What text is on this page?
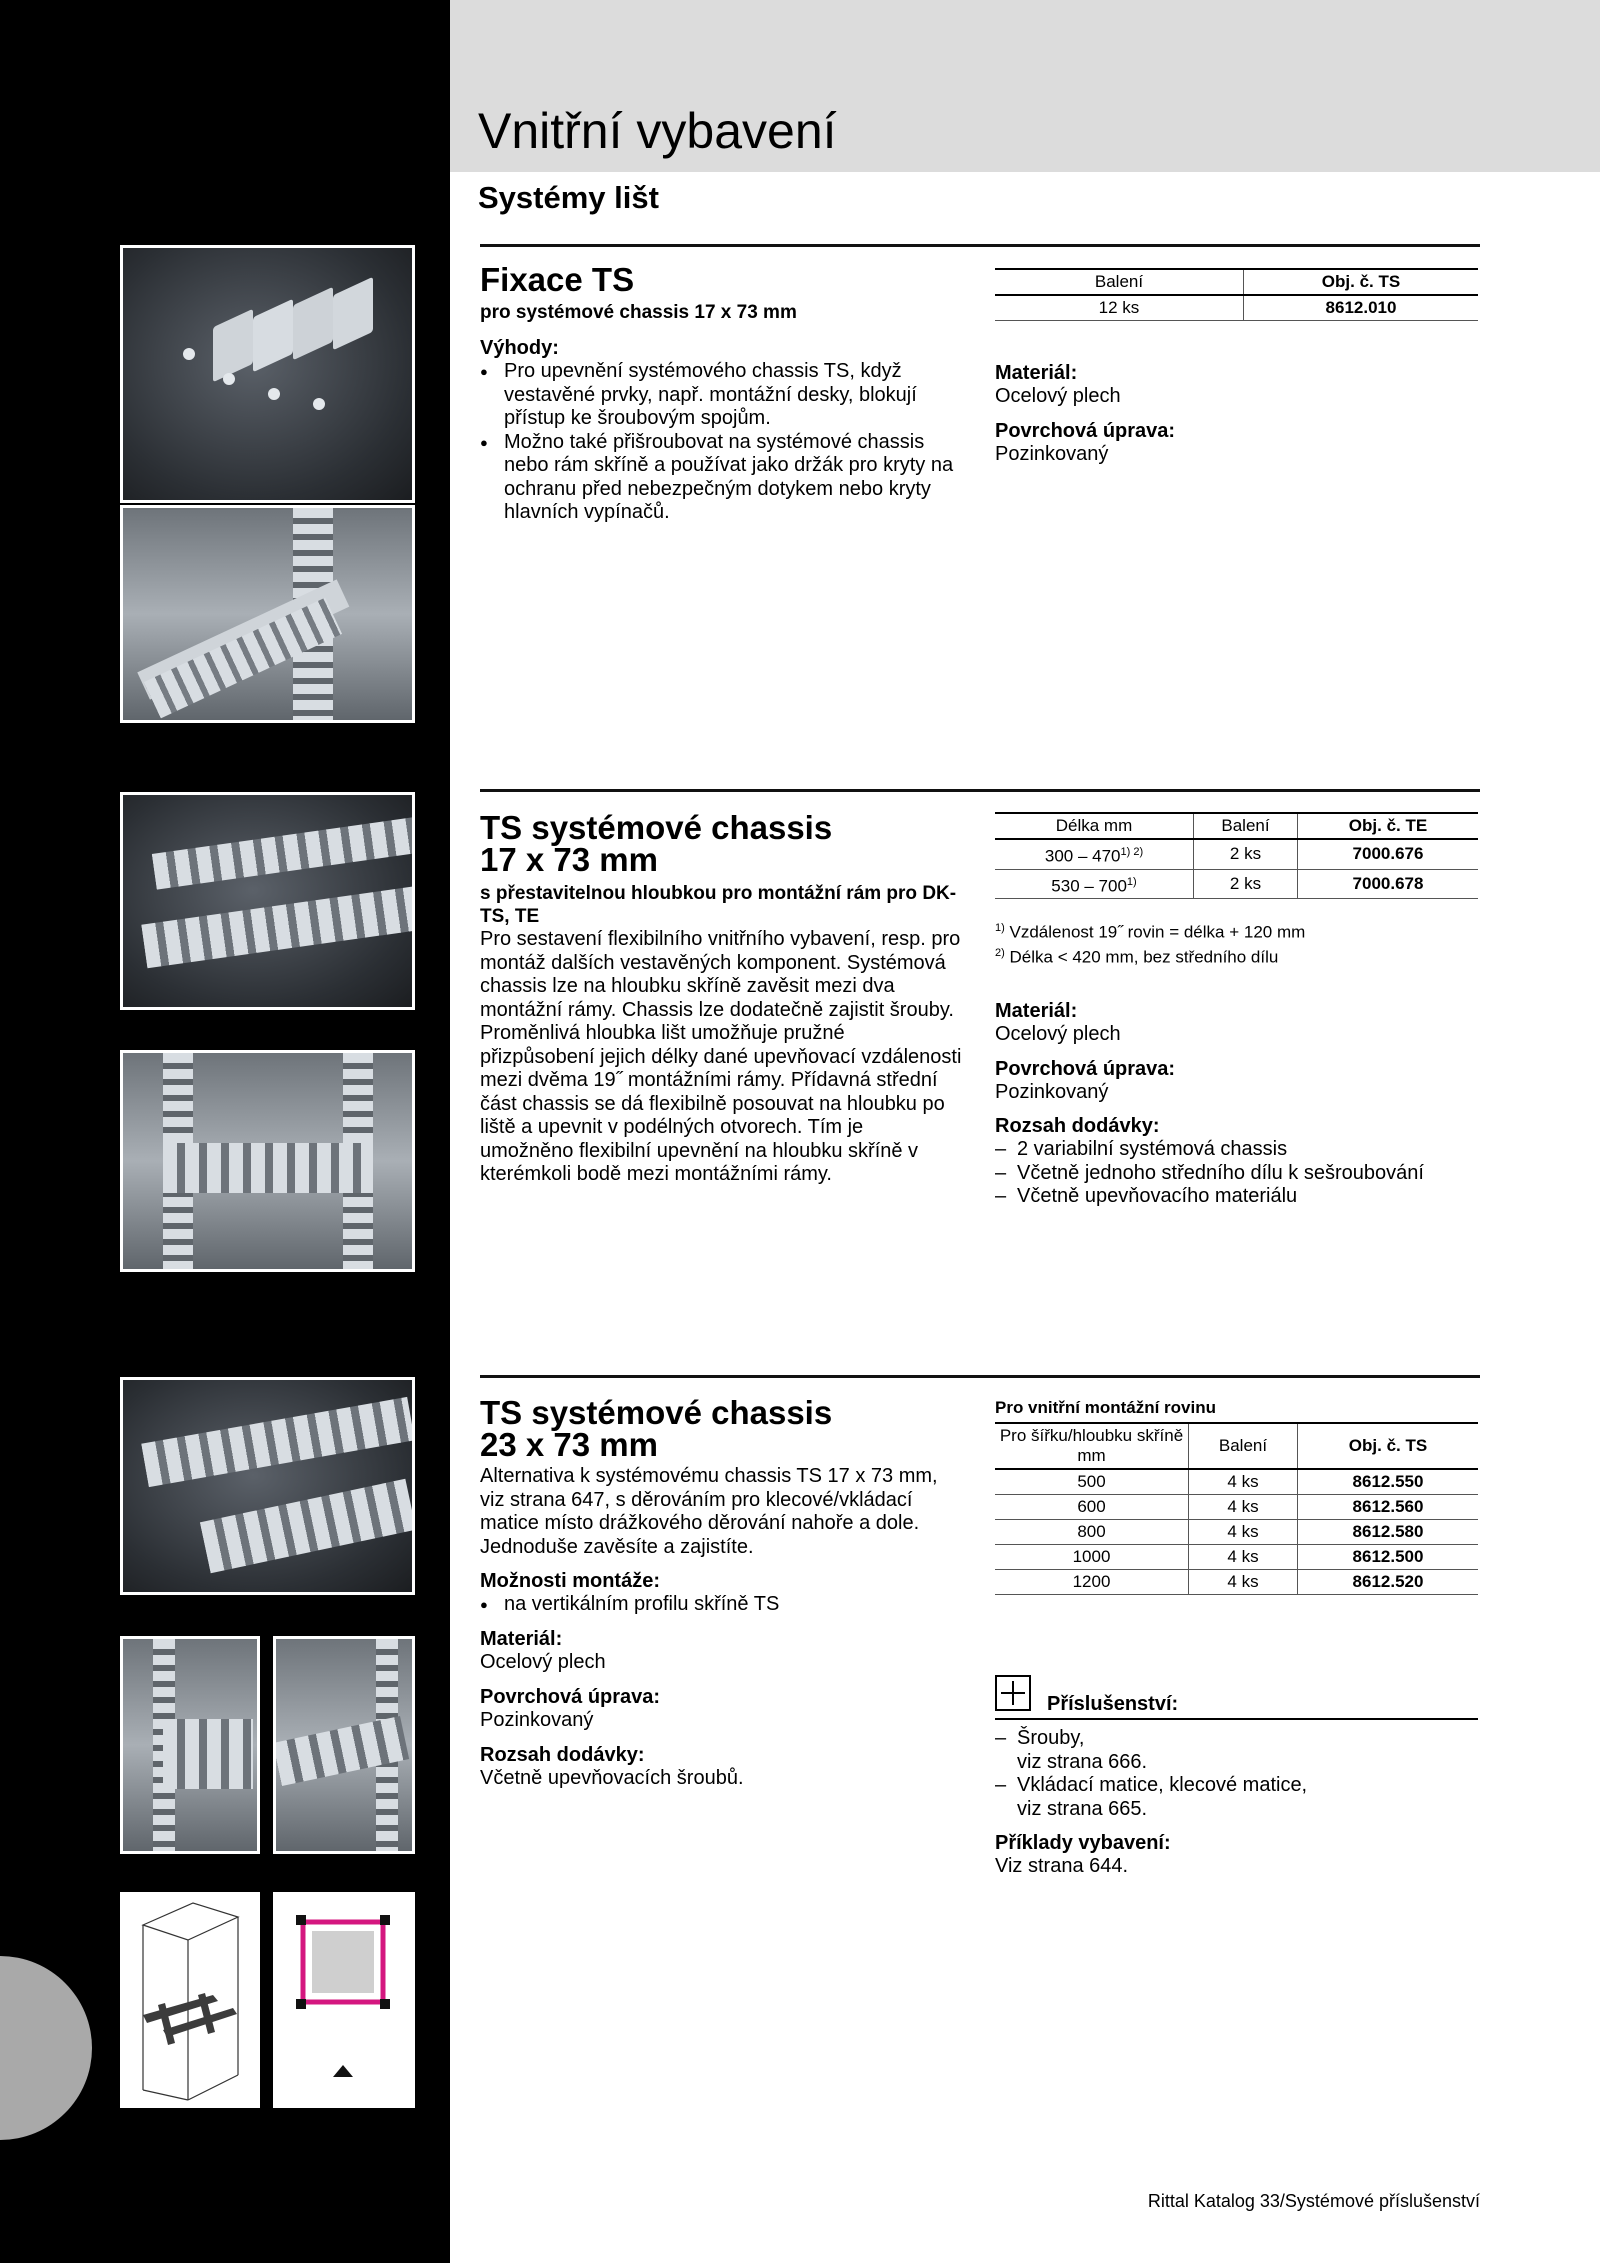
Vnitřní vybavení
Systémy lišt
Fixace TS
pro systémové chassis 17 x 73 mm
Výhody:
● Pro upevnění systémového chassis TS, když vestavěné prvky, např. montážní desky, blokují přístup ke šroubovým spojům.
● Možno také přišroubovat na systémové chassis nebo rám skříně a používat jako držák pro kryty na ochranu před nebezpečným dotykem nebo kryty hlavních vypínačů.
Balení	Obj. č. TS
12 ks	8612.010
Materiál:
Ocelový plech
Povrchová úprava:
Pozinkovaný
TS systémové chassis
17 x 73 mm
s přestavitelnou hloubkou pro montážní rám pro DK-TS, TE
Pro sestavení flexibilního vnitřního vybavení, resp. pro montáž dalších vestavěných komponent. Systémová chassis lze na hloubku skříně zavěsit mezi dva montážní rámy. Chassis lze dodatečně zajistit šrouby. Proměnlivá hloubka lišt umožňuje pružné přizpůsobení jejich délky dané upevňovací vzdálenosti mezi dvěma 19˝ montážními rámy. Přídavná střední část chassis se dá flexibilně posouvat na hloubku po liště a upevnit v podélných otvorech. Tím je umožněno flexibilní upevnění na hloubku skříně v kterémkoli bodě mezi montážními rámy.
Délka mm	Balení	Obj. č. TE
$300 - 470^{1) 2)}$	2 ks	7000.676
530 – 700$^{1)}$	2 ks	7000.678
$^{1)}$ Vzdálenost 19˝ rovin = délka + 120 mm
$^{2)}$ Délka < 420 mm, bez středního dílu
Materiál:
Ocelový plech
Povrchová úprava:
Pozinkovaný
Rozsah dodávky:
– 2 variabilní systémová chassis
– Včetně jednoho středního dílu k sešroubování
– Včetně upevňovacího materiálu
TS systémové chassis
23 x 73 mm
Alternativa k systémovému chassis TS 17 x 73 mm, viz strana 647, s děrováním pro klecové/vkládací matice místo drážkového děrování nahoře a dole. Jednoduše zavěsíte a zajistíte.
Možnosti montáže:
● na vertikálním profilu skříně TS
Materiál:
Ocelový plech
Povrchová úprava:
Pozinkovaný
Rozsah dodávky:
Včetně upevňovacích šroubů.
Pro vnitřní montážní rovinu
Pro šířku/hloubku skříně mm	Balení	Obj. č. TS
500	4 ks	8612.550
600	4 ks	8612.560
800	4 ks	8612.580
1000	4 ks	8612.500
1200	4 ks	8612.520
Příslušenství:
– Šrouby,
viz strana 666.
– Vkládací matice, klecové matice,
viz strana 665.
Příklady vybavení:
Viz strana 644.
648	Rittal Katalog 33/Systémové příslušenství
